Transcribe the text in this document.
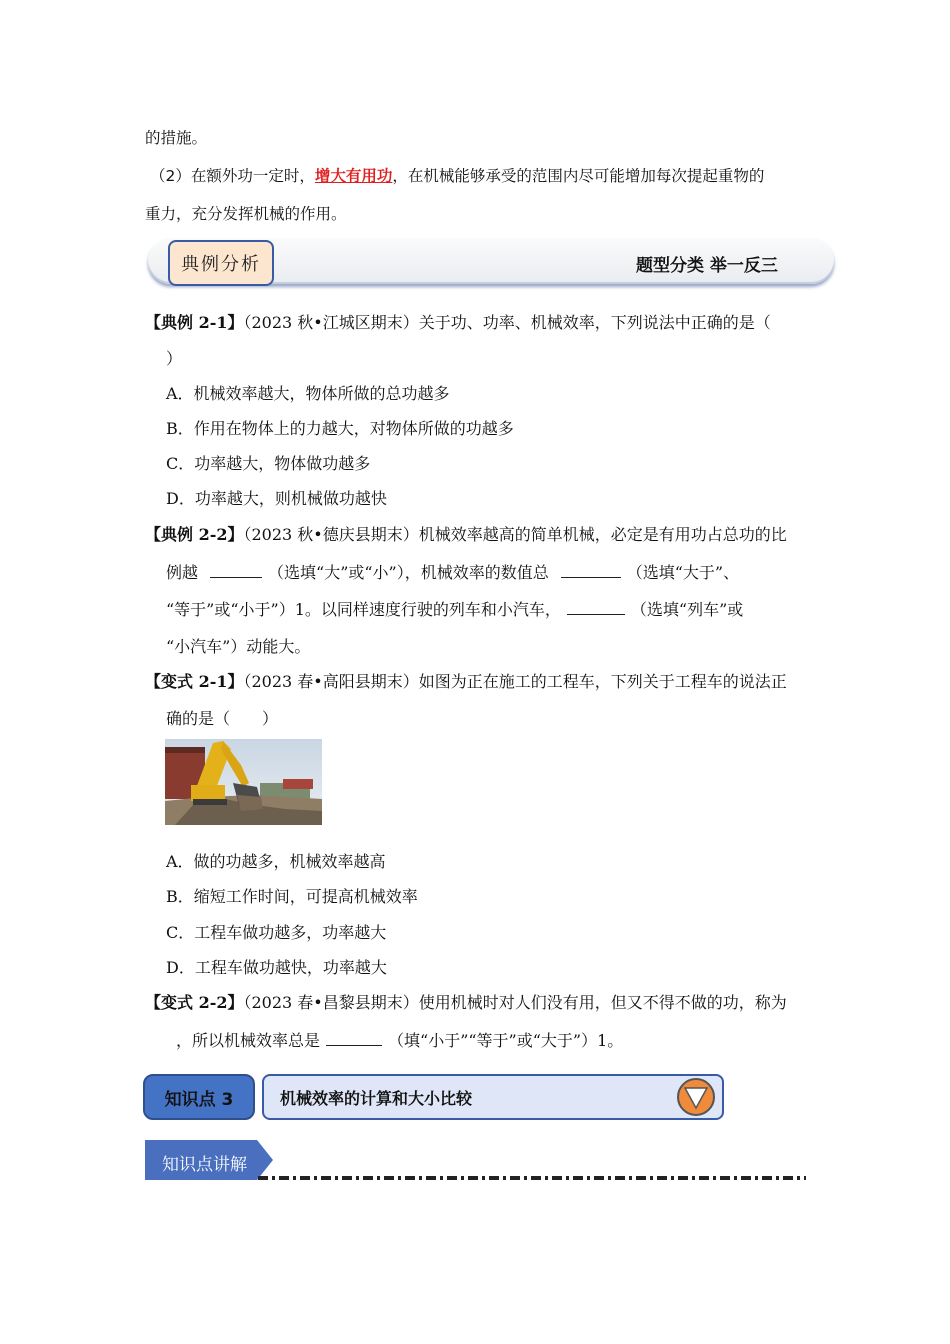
的措施。
（2）在额外功一定时，增大有用功，在机械能够承受的范围内尽可能增加每次提起重物的
重力，充分发挥机械的作用。
典例分析	题型分类 举一反三
【典例 2-1】（2023 秋•江城区期末）关于功、功率、机械效率，下列说法中正确的是（
）
A．机械效率越大，物体所做的总功越多
B．作用在物体上的力越大，对物体所做的功越多
C．功率越大，物体做功越多
D．功率越大，则机械做功越快
【典例 2-2】（2023 秋•德庆县期末）机械效率越高的简单机械，必定是有用功占总功的比
例越	（选填“大”或“小”），机械效率的数值总	（选填“大于”、
“等于”或“小于”）1。以同样速度行驶的列车和小汽车，	（选填“列车”或
“小汽车”）动能大。
【变式 2-1】（2023 春•高阳县期末）如图为正在施工的工程车，下列关于工程车的说法正
确的是（　　）
A．做的功越多，机械效率越高
B．缩短工作时间，可提高机械效率
C．工程车做功越多，功率越大
D．工程车做功越快，功率越大
【变式 2-2】（2023 春•昌黎县期末）使用机械时对人们没有用，但又不得不做的功，称为
，所以机械效率总是	（填“小于”“等于”或“大于”）1。
知识点 3	机械效率的计算和大小比较
知识点讲解
